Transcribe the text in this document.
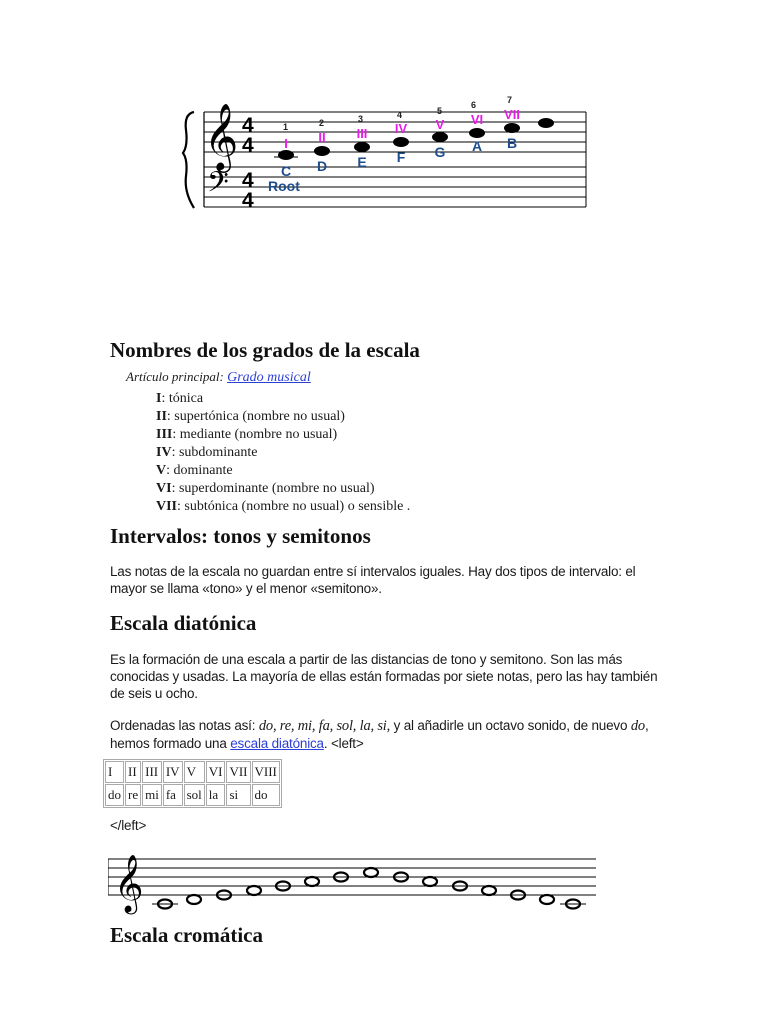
𝄞
𝄢
4
4
4
4
1	2	3	4	5
6	7
I II III IV V VI VII
C D E F G A B
Root
Nombres de los grados de la escala
Artículo principal: Grado musical
I: tónica
II: supertónica (nombre no usual)
III: mediante (nombre no usual)
IV: subdominante
V: dominante
VI: superdominante (nombre no usual)
VII: subtónica (nombre no usual) o sensible .
Intervalos: tonos y semitonos

Las notas de la escala no guardan entre sí intervalos iguales. Hay dos tipos de intervalo: el mayor se llama «tono» y el menor «semitono».

Escala diatónica

Es la formación de una escala a partir de las distancias de tono y semitono. Son las más conocidas y usadas. La mayoría de ellas están formadas por siete notas, pero las hay también de seis u ocho.

Ordenadas las notas así: do, re, mi, fa, sol, la, si, y al añadirle un octavo sonido, de nuevo do, hemos formado una escala diatónica. <left>

I	II	III	IV	V	VI	VII	VIII
do	re	mi	fa	sol	la	si	do

</left>

𝄞
Escala cromática
